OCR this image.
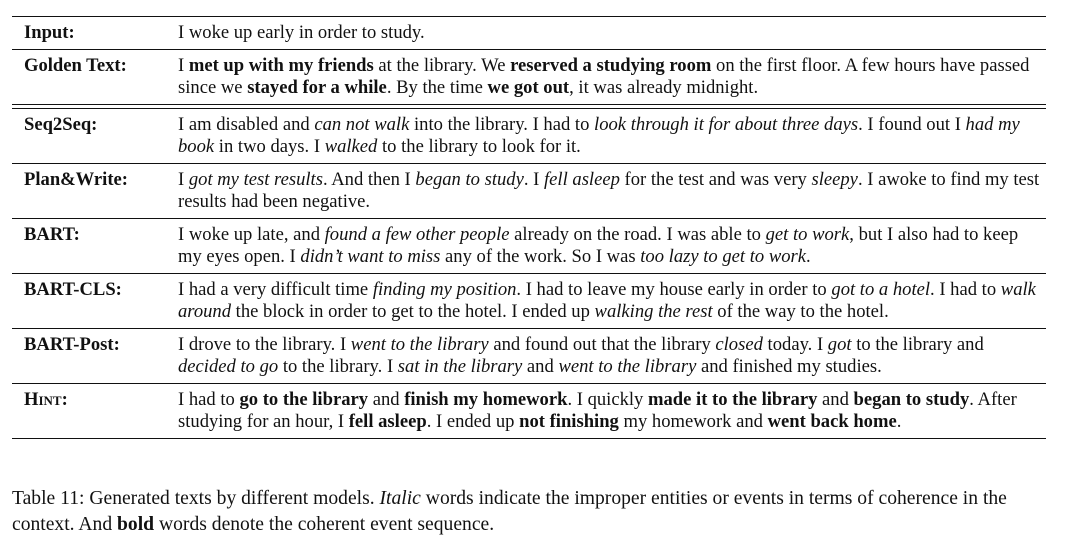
Input:	I woke up early in order to study.
Golden Text:	I met up with my friends at the library. We reserved a studying room on the first floor. A few hours have passed since we stayed for a while. By the time we got out, it was already midnight.
Seq2Seq:	I am disabled and can not walk into the library. I had to look through it for about three days. I found out I had my book in two days. I walked to the library to look for it.
Plan&Write:	I got my test results. And then I began to study. I fell asleep for the test and was very sleepy. I awoke to find my test results had been negative.
BART:	I woke up late, and found a few other people already on the road. I was able to get to work, but I also had to keep my eyes open. I didn’t want to miss any of the work. So I was too lazy to get to work.
BART-CLS:	I had a very difficult time finding my position. I had to leave my house early in order to got to a hotel. I had to walk around the block in order to get to the hotel. I ended up walking the rest of the way to the hotel.
BART-Post:	I drove to the library. I went to the library and found out that the library closed today. I got to the library and decided to go to the library. I sat in the library and went to the library and finished my studies.
Hint:	I had to go to the library and finish my homework. I quickly made it to the library and began to study. After studying for an hour, I fell asleep. I ended up not finishing my homework and went back home.
Table 11: Generated texts by different models. Italic words indicate the improper entities or events in terms of coherence in the context. And bold words denote the coherent event sequence.
